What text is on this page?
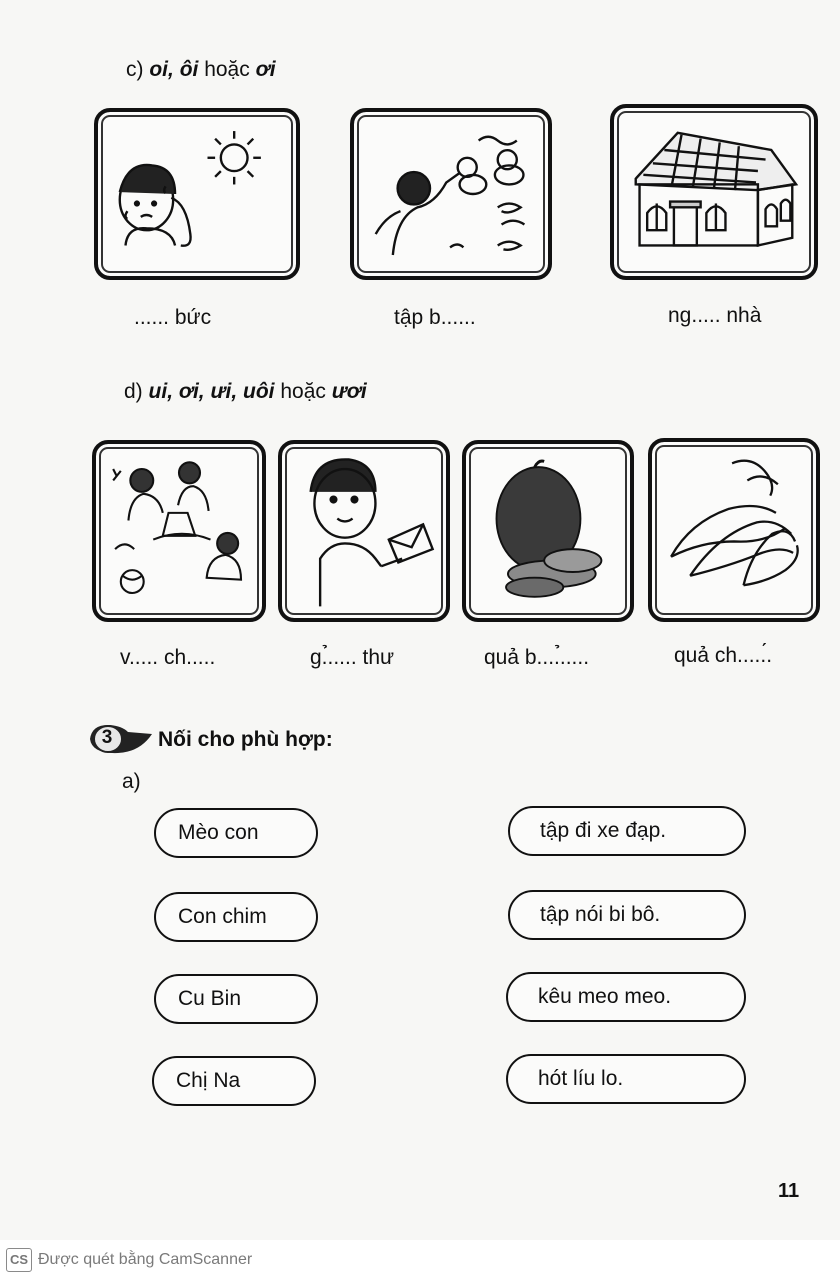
c) oi, ôi hoặc ơi
...... bức	tập b......	ng..... nhà
d) ui, ơi, ưi, uôi hoặc ươi
v..... ch.....	g.̉..... thư	quả b....̉.....	quả ch.....́.
3 Nối cho phù hợp:
a)
Mèo con
Con chim
Cu Bin
Chị Na
tập đi xe đạp.
tập nói bi bô.
kêu meo meo.
hót líu lo.
11
CS Được quét bằng CamScanner
